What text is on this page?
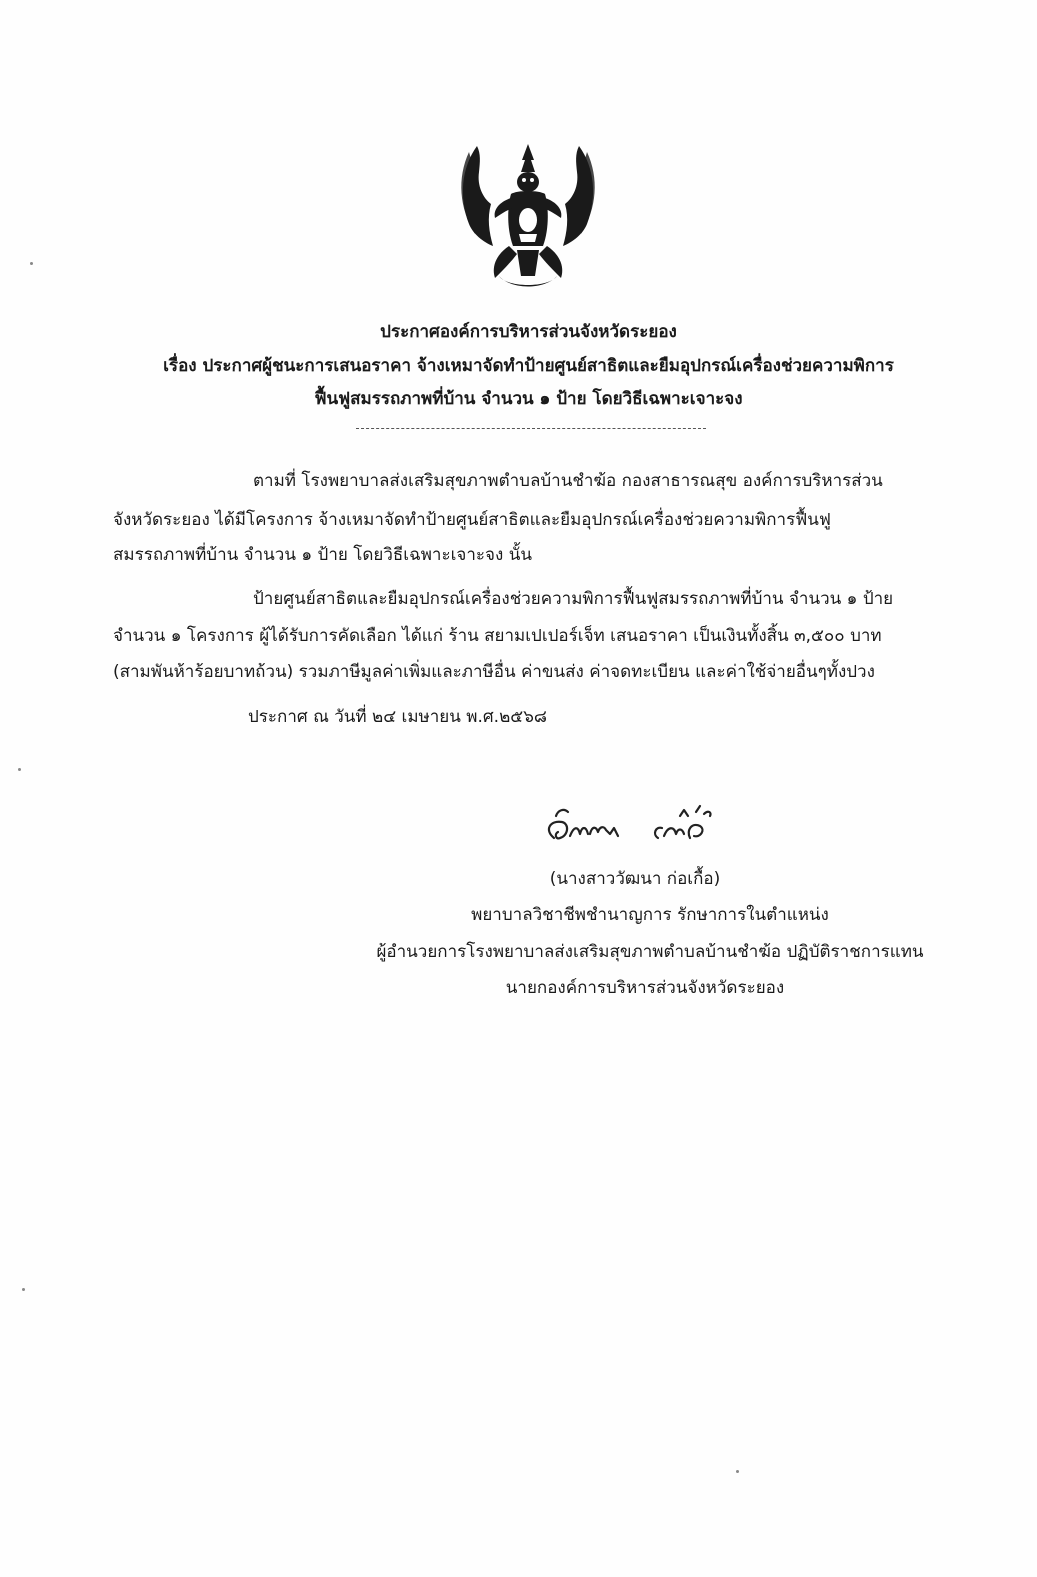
ประกาศองค์การบริหารส่วนจังหวัดระยอง
เรื่อง ประกาศผู้ชนะการเสนอราคา จ้างเหมาจัดทำป้ายศูนย์สาธิตและยืมอุปกรณ์เครื่องช่วยความพิการ
ฟื้นฟูสมรรถภาพที่บ้าน จำนวน ๑ ป้าย โดยวิธีเฉพาะเจาะจง
ตามที่ โรงพยาบาลส่งเสริมสุขภาพตำบลบ้านชำฆ้อ กองสาธารณสุข องค์การบริหารส่วน
จังหวัดระยอง ได้มีโครงการ จ้างเหมาจัดทำป้ายศูนย์สาธิตและยืมอุปกรณ์เครื่องช่วยความพิการฟื้นฟู
สมรรถภาพที่บ้าน จำนวน ๑ ป้าย โดยวิธีเฉพาะเจาะจง นั้น
ป้ายศูนย์สาธิตและยืมอุปกรณ์เครื่องช่วยความพิการฟื้นฟูสมรรถภาพที่บ้าน จำนวน ๑ ป้าย
จำนวน ๑ โครงการ ผู้ได้รับการคัดเลือก ได้แก่ ร้าน สยามเปเปอร์เจ็ท เสนอราคา เป็นเงินทั้งสิ้น ๓,๕๐๐ บาท
(สามพันห้าร้อยบาทถ้วน) รวมภาษีมูลค่าเพิ่มและภาษีอื่น ค่าขนส่ง ค่าจดทะเบียน และค่าใช้จ่ายอื่นๆทั้งปวง
ประกาศ ณ วันที่ ๒๔ เมษายน พ.ศ.๒๕๖๘
(นางสาววัฒนา ก่อเกื้อ)
พยาบาลวิชาชีพชำนาญการ รักษาการในตำแหน่ง
ผู้อำนวยการโรงพยาบาลส่งเสริมสุขภาพตำบลบ้านชำฆ้อ ปฏิบัติราชการแทน
นายกองค์การบริหารส่วนจังหวัดระยอง
